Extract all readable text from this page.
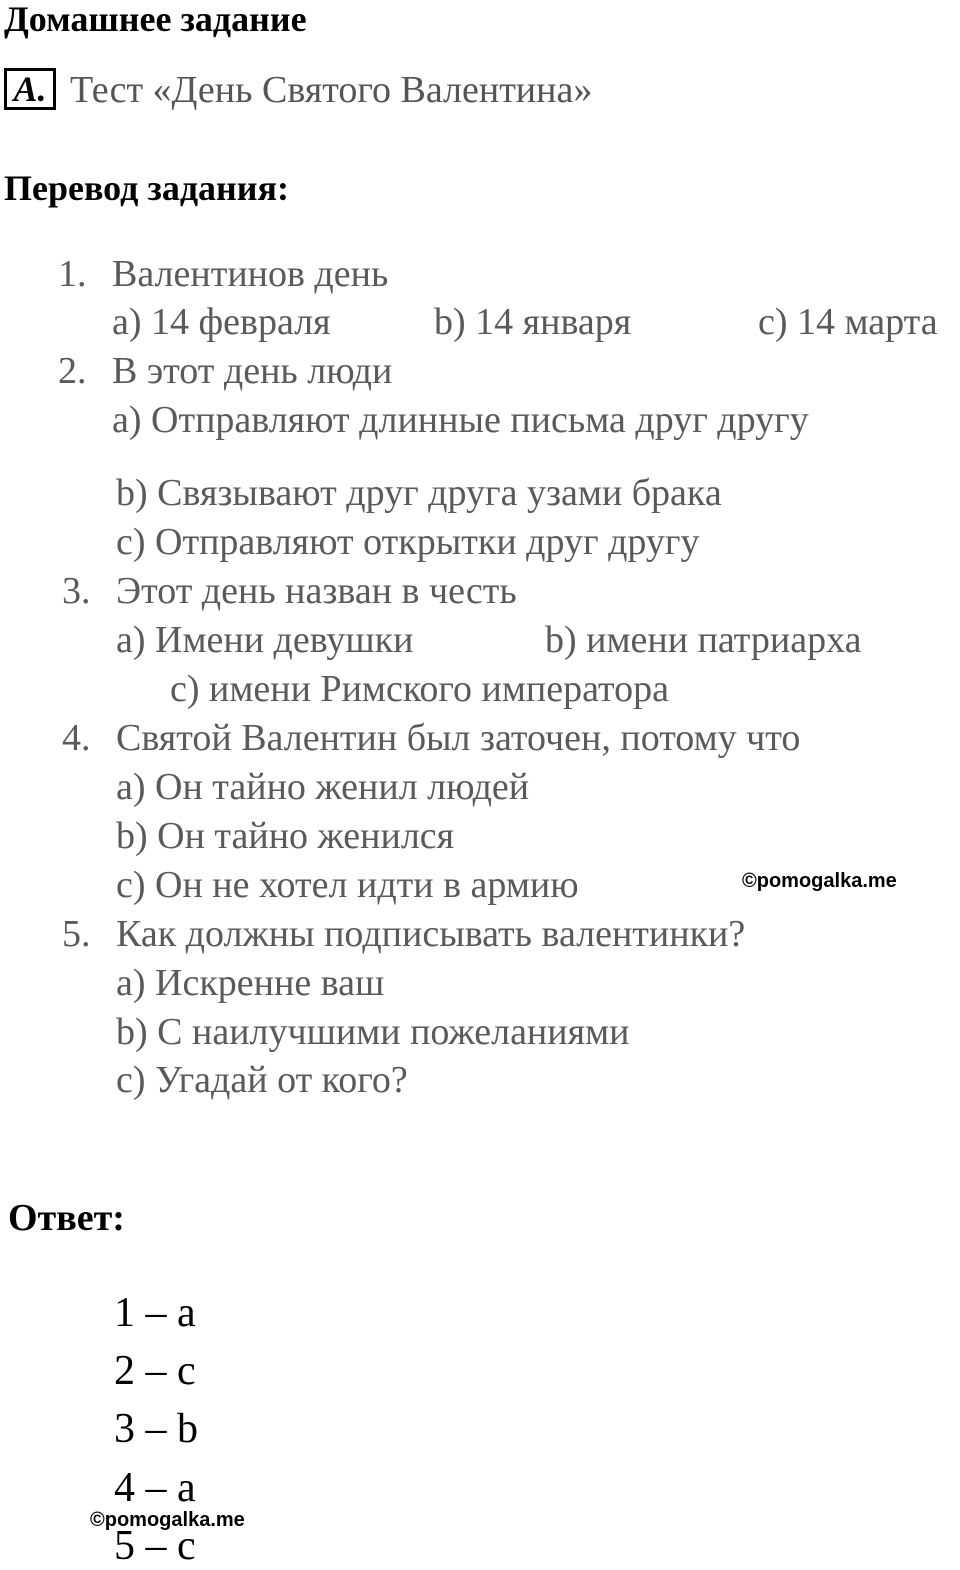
Домашнее задание
A. Тест «День Святого Валентина»
Перевод задания:
1. Валентинов день
a) 14 февраля	b) 14 января	c) 14 марта
2. В этот день люди
a) Отправляют длинные письма друг другу
b) Связывают друг друга узами брака
c) Отправляют открытки друг другу
3. Этот день назван в честь
a) Имени девушки	b) имени патриарха
c) имени Римского императора
4. Святой Валентин был заточен, потому что
a) Он тайно женил людей
b) Он тайно женился
c) Он не хотел идти в армию	©pomogalka.me
5. Как должны подписывать валентинки?
a) Искренне ваш
b) С наилучшими пожеланиями
c) Угадай от кого?
Ответ:
1 – a
2 – c
3 – b
4 – a
5 – c
©pomogalka.me
